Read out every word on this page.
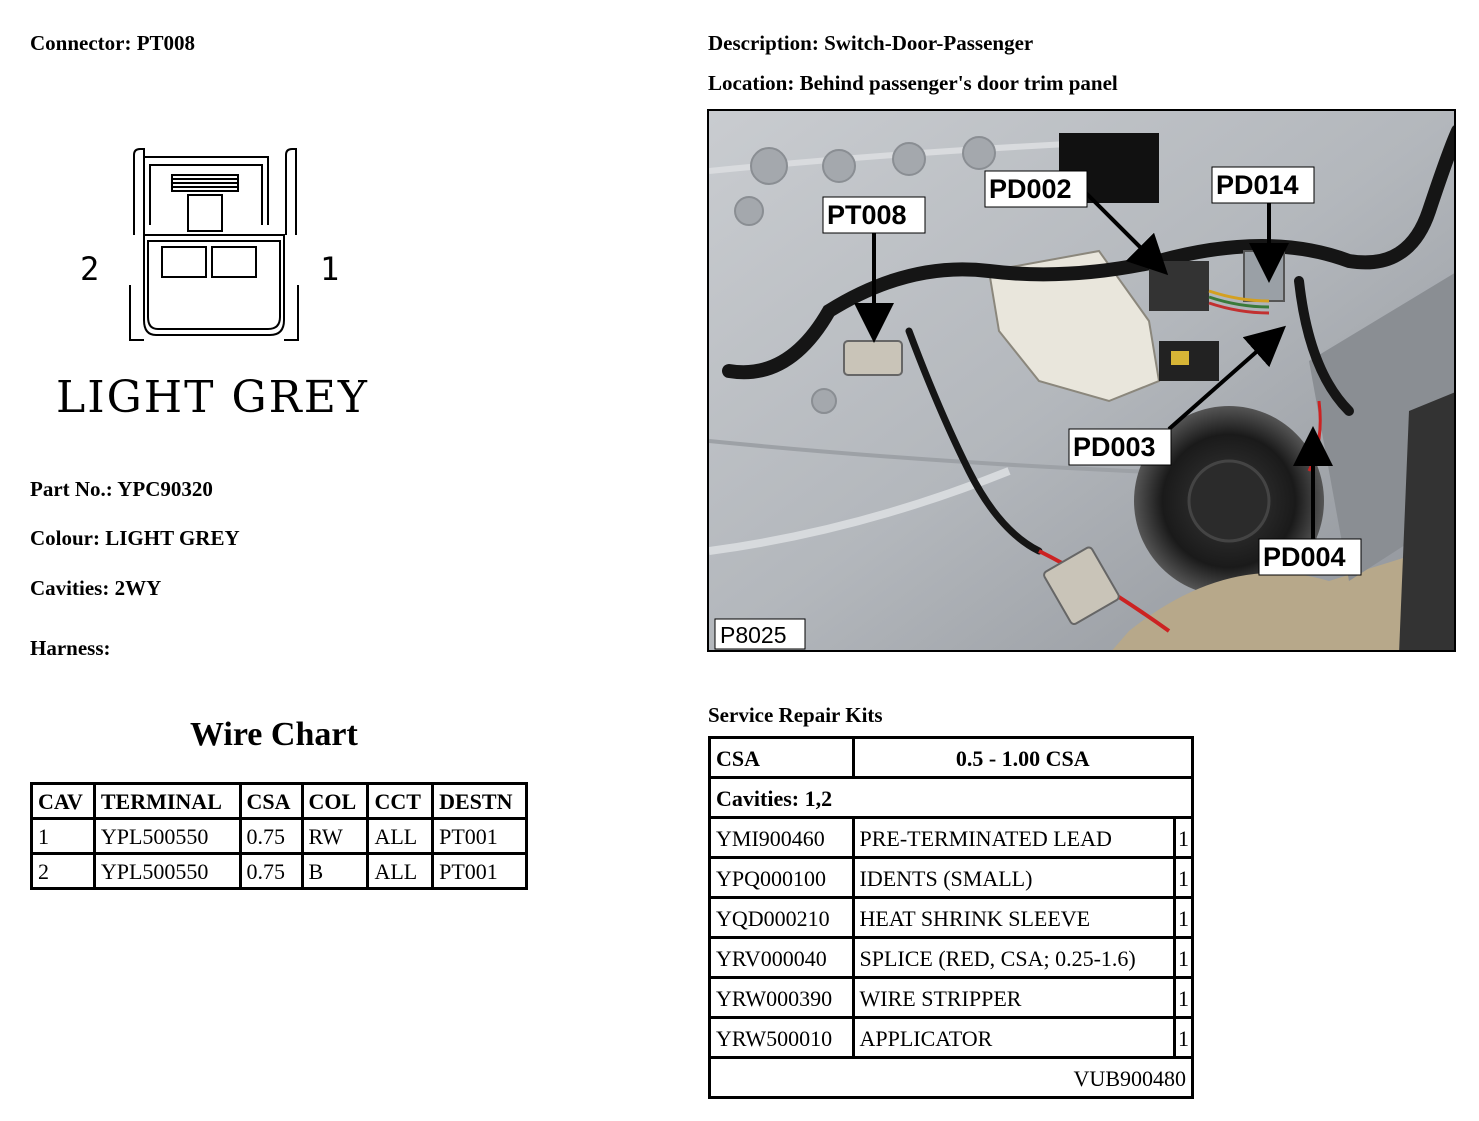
Connector: PT008	Description: Switch-Door-Passenger
Location: Behind passenger's door trim panel
2	1
LIGHT GREY
Part No.: YPC90320
Colour: LIGHT GREY
Cavities: 2WY
Harness:
PT008
PD002	PD014
PD003
PD004
P8025
Wire Chart
CAV	TERMINAL	CSA	COL	CCT	DESTN
1	YPL500550	0.75	RW	ALL	PT001
2	YPL500550	0.75	B	ALL	PT001
Service Repair Kits
CSA	0.5 - 1.00 CSA	
Cavities: 1,2		
YMI900460	PRE-TERMINATED LEAD	1
YPQ000100	IDENTS (SMALL)	1
YQD000210	HEAT SHRINK SLEEVE	1
YRV000040	SPLICE (RED, CSA; 0.25-1.6)	1
YRW000390	WIRE STRIPPER	1
YRW500010	APPLICATOR	1
VUB900480		
